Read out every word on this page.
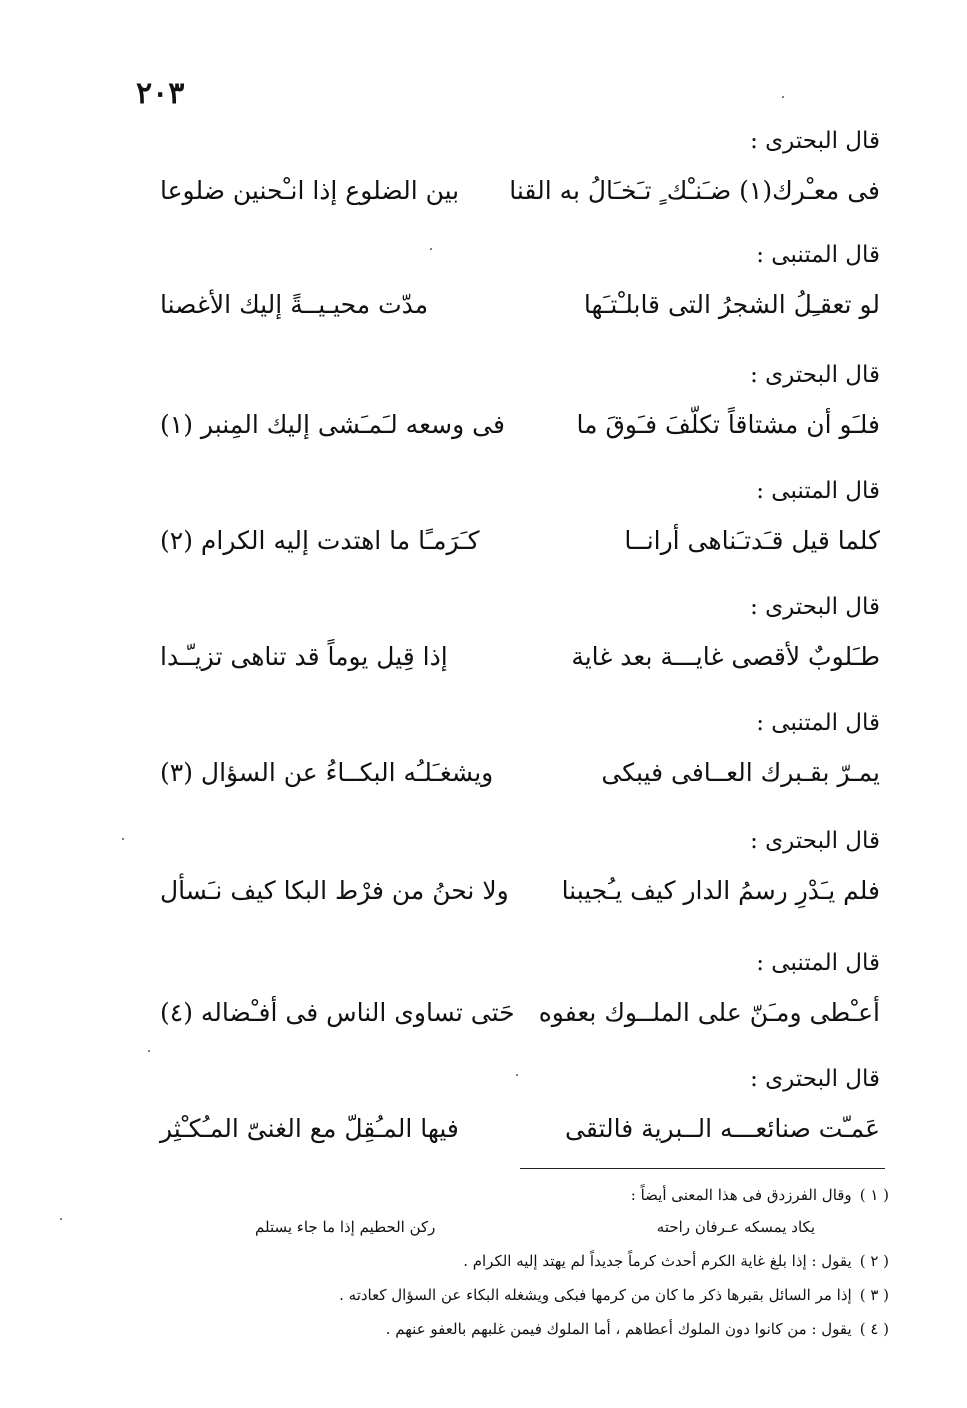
٢٠٣
قال البحترى :
فى معـْرك(١) ضـَنـْك ٍ تـَخـَالُ به القنا
بين الضلوع إذا انـْحنين ضلوعا
قال المتنبى :
لو تعقـِلُ الشجرُ التى قابلـْتـَها
مدّت محيـيــةً إليك الأغصنا
قال البحترى :
فلـَو أن مشتاقاً تكلّفَ فـَوقَ ما
فى وسعه لـَمـَشى إليك المِنبر (١)
قال المتنبى :
كلما قيل قـَدتـَناهى أرانــا
كـَرَمـًا ما اهتدت إليه الكرام (٢)
قال البحترى :
طـَلوبٌ لأقصى غايـــة بعد غاية
إذا قِيل يوماً قد تناهى تزيـّـدا
قال المتنبى :
يمـرّ بقـبرك العــافى فيبكى
ويشغـَلـُه البكــاءُ عن السؤال (٣)
قال البحترى :
فلم يـَدْرِ رسمُ الدار كيف يـُجيبنا
ولا نحنُ من فرْط البكا كيف نـَسأل
قال المتنبى :
أعـْطى ومـَنّ على الملــوك بعفوه
حَتى تساوى الناس فى أفـْضاله (٤)
قال البحترى :
عَمـّت صنائعـــه الــبرية فالتقى
فيها المـُقِلّ مع الغنىّ المـُكـْثِر
( ١ )وقال الفرزدق فى هذا المعنى أيضاً :
يكاد يمسكه عـرفان راحته
ركن الحطيم إذا ما جاء يستلم
( ٢ )يقول : إذا بلغ غاية الكرم أحدث كرماً جديداً لم يهتد إليه الكرام .
( ٣ )إذا مر السائل بقبرها ذكر ما كان من كرمها فبكى ويشغله البكاء عن السؤال كعادته .
( ٤ )يقول : من كانوا دون الملوك أعطاهم ، أما الملوك فيمن غلبهم بالعفو عنهم .
